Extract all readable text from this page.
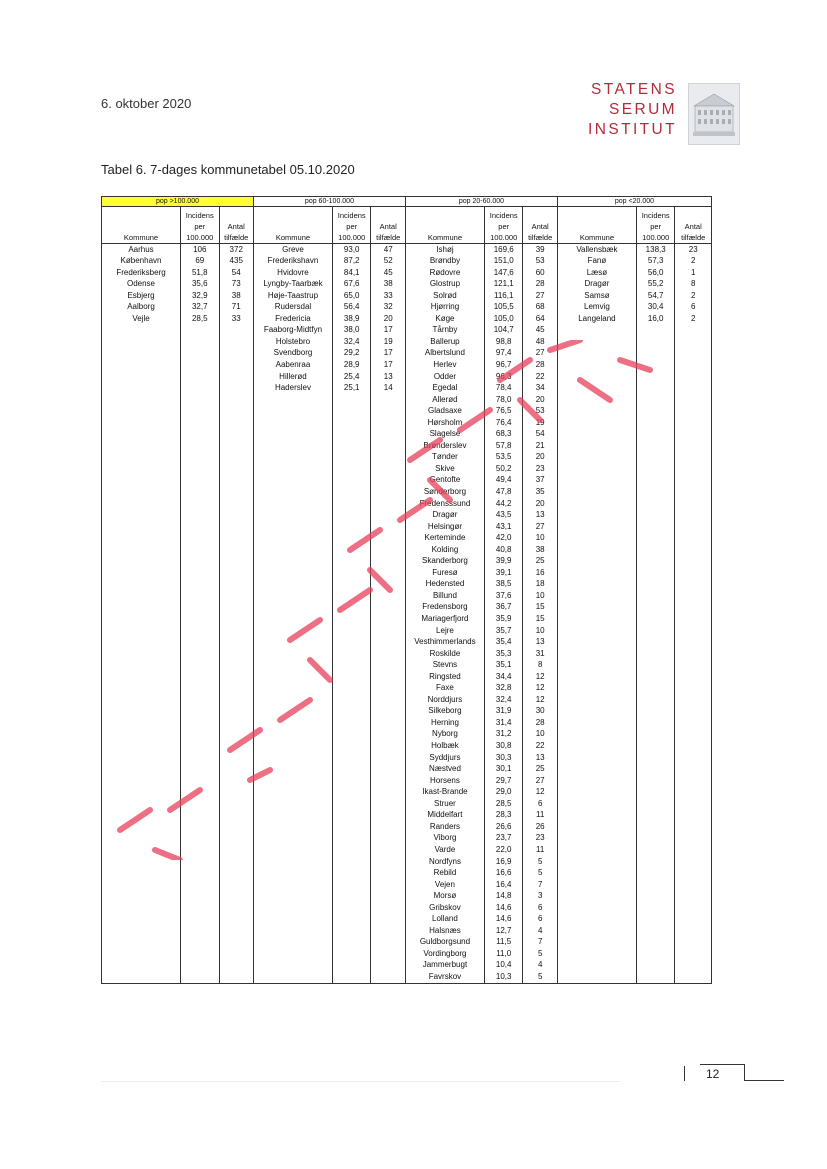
6. oktober 2020
STATENS
SERUM
INSTITUT
Tabel 6. 7-dages kommunetabel 05.10.2020
pop >100.000			pop 60-100.000			pop 20-60.000			pop <20.000		
Kommune	Incidens per 100.000	Antal tilfælde	Kommune	Incidens per 100.000	Antal tilfælde	Kommune	Incidens per 100.000	Antal tilfælde	Kommune	Incidens per 100.000	Antal tilfælde
Aarhus	106	372	Greve	93,0	47	Ishøj	169,6	39	Vallensbæk	138,3	23
København	69	435	Frederikshavn	87,2	52	Brøndby	151,0	53	Fanø	57,3	2
Frederiksberg	51,8	54	Hvidovre	84,1	45	Rødovre	147,6	60	Læsø	56,0	1
Odense	35,6	73	Lyngby-Taarbæk	67,6	38	Glostrup	121,1	28	Dragør	55,2	8
Esbjerg	32,9	38	Høje-Taastrup	65,0	33	Solrød	116,1	27	Samsø	54,7	2
Aalborg	32,7	71	Rudersdal	56,4	32	Hjørring	105,5	68	Lemvig	30,4	6
Vejle	28,5	33	Fredericia	38,9	20	Køge	105,0	64	Langeland	16,0	2
			Faaborg-Midtfyn	38,0	17	Tårnby	104,7	45			
			Holstebro	32,4	19	Ballerup	98,8	48			
			Svendborg	29,2	17	Albertslund	97,4	27			
			Aabenraa	28,9	17	Herlev	96,7	28			
			Hillerød	25,4	13	Odder	96,3	22			
			Haderslev	25,1	14	Egedal	78,4	34			
						Allerød	78,0	20			
						Gladsaxe	76,5	53			
						Hørsholm	76,4	19			
						Slagelse	68,3	54			
						Brønderslev	57,8	21			
						Tønder	53,5	20			
						Skive	50,2	23			
						Gentofte	49,4	37			
						Sønderborg	47,8	35			
						Fredensssund	44,2	20			
						Dragør	43,5	13			
						Helsingør	43,1	27			
						Kerteminde	42,0	10			
						Kolding	40,8	38			
						Skanderborg	39,9	25			
						Furesø	39,1	16			
						Hedensted	38,5	18			
						Billund	37,6	10			
						Fredensborg	36,7	15			
						Mariagerfjord	35,9	15			
						Lejre	35,7	10			
						Vesthimmerlands	35,4	13			
						Roskilde	35,3	31			
						Stevns	35,1	8			
						Ringsted	34,4	12			
						Faxe	32,8	12			
						Norddjurs	32,4	12			
						Silkeborg	31,9	30			
						Herning	31,4	28			
						Nyborg	31,2	10			
						Holbæk	30,8	22			
						Syddjurs	30,3	13			
						Næstved	30,1	25			
						Horsens	29,7	27			
						Ikast-Brande	29,0	12			
						Struer	28,5	6			
						Middelfart	28,3	11			
						Randers	26,6	26			
						Viborg	23,7	23			
						Varde	22,0	11			
						Nordfyns	16,9	5			
						Rebild	16,6	5			
						Vejen	16,4	7			
						Morsø	14,8	3			
						Gribskov	14,6	6			
						Lolland	14,6	6			
						Halsnæs	12,7	4			
						Guldborgsund	11,5	7			
						Vordingborg	11,0	5			
						Jammerbugt	10,4	4			
						Favrskov	10,3	5			
12
